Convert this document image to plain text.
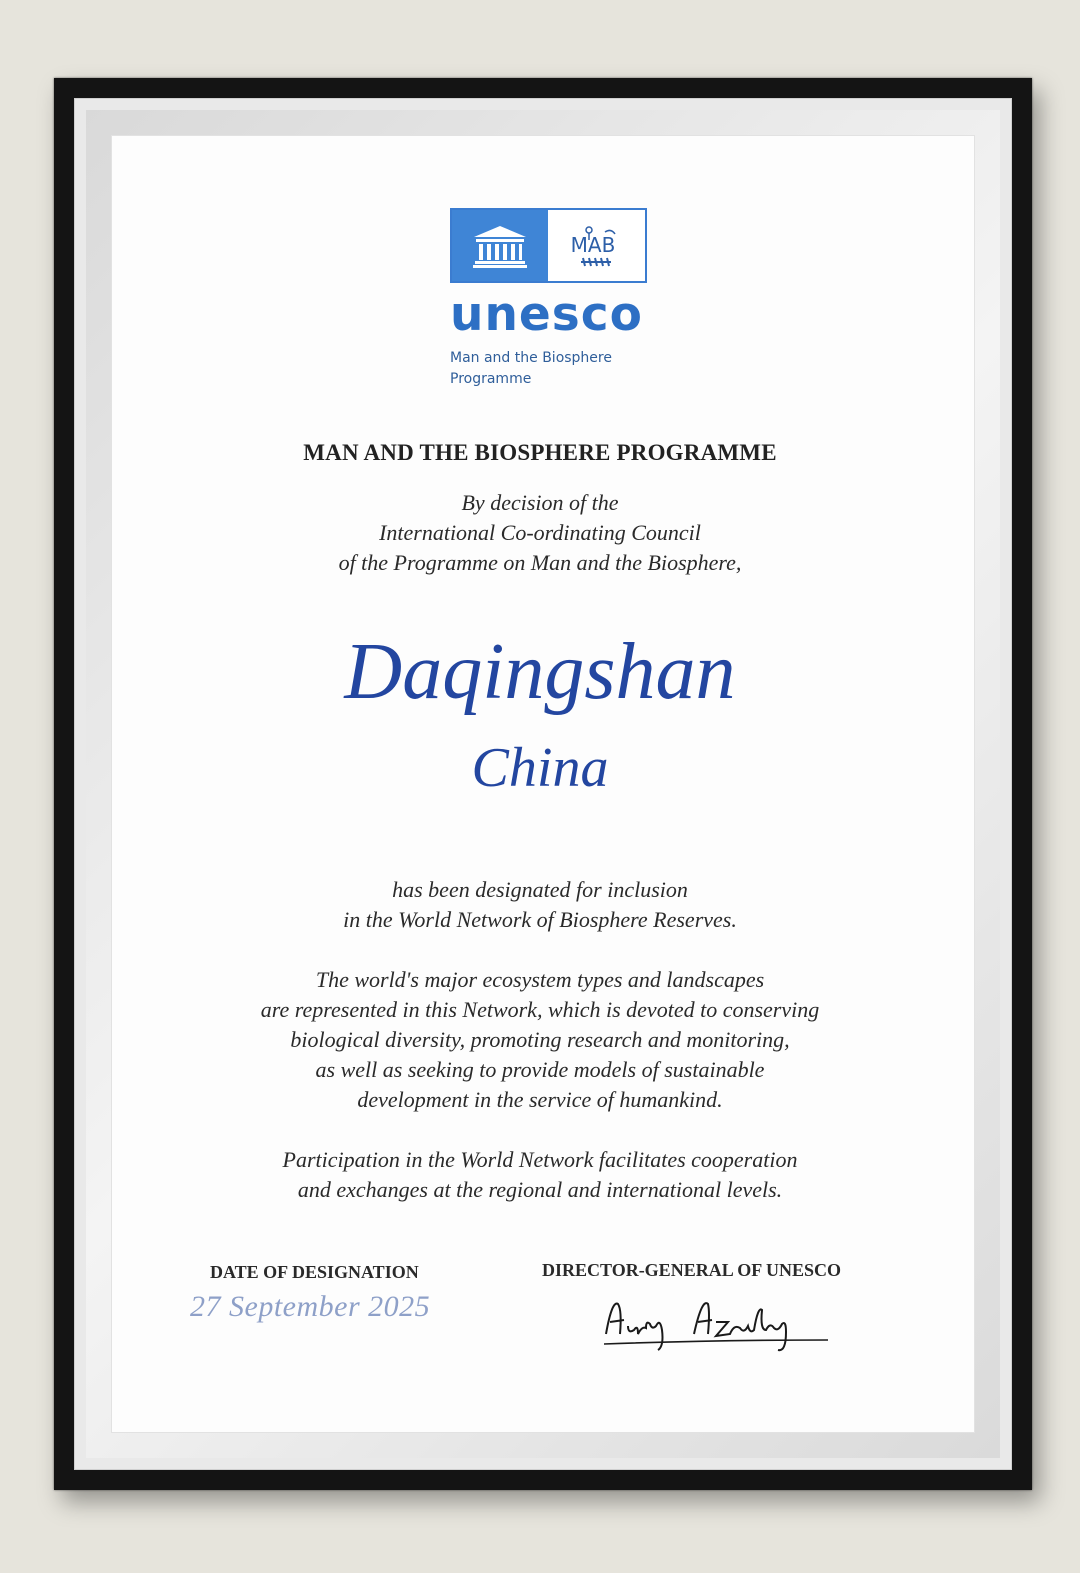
MAB
unesco
Man and the Biosphere
Programme
MAN AND THE BIOSPHERE PROGRAMME
By decision of the
International Co-ordinating Council
of the Programme on Man and the Biosphere,
Daqingshan
China
has been designated for inclusion
in the World Network of Biosphere Reserves.
The world's major ecosystem types and landscapes
are represented in this Network, which is devoted to conserving
biological diversity, promoting research and monitoring,
as well as seeking to provide models of sustainable
development in the service of humankind.
Participation in the World Network facilitates cooperation
and exchanges at the regional and international levels.
DATE OF DESIGNATION
27 September 2025
DIRECTOR-GENERAL OF UNESCO
